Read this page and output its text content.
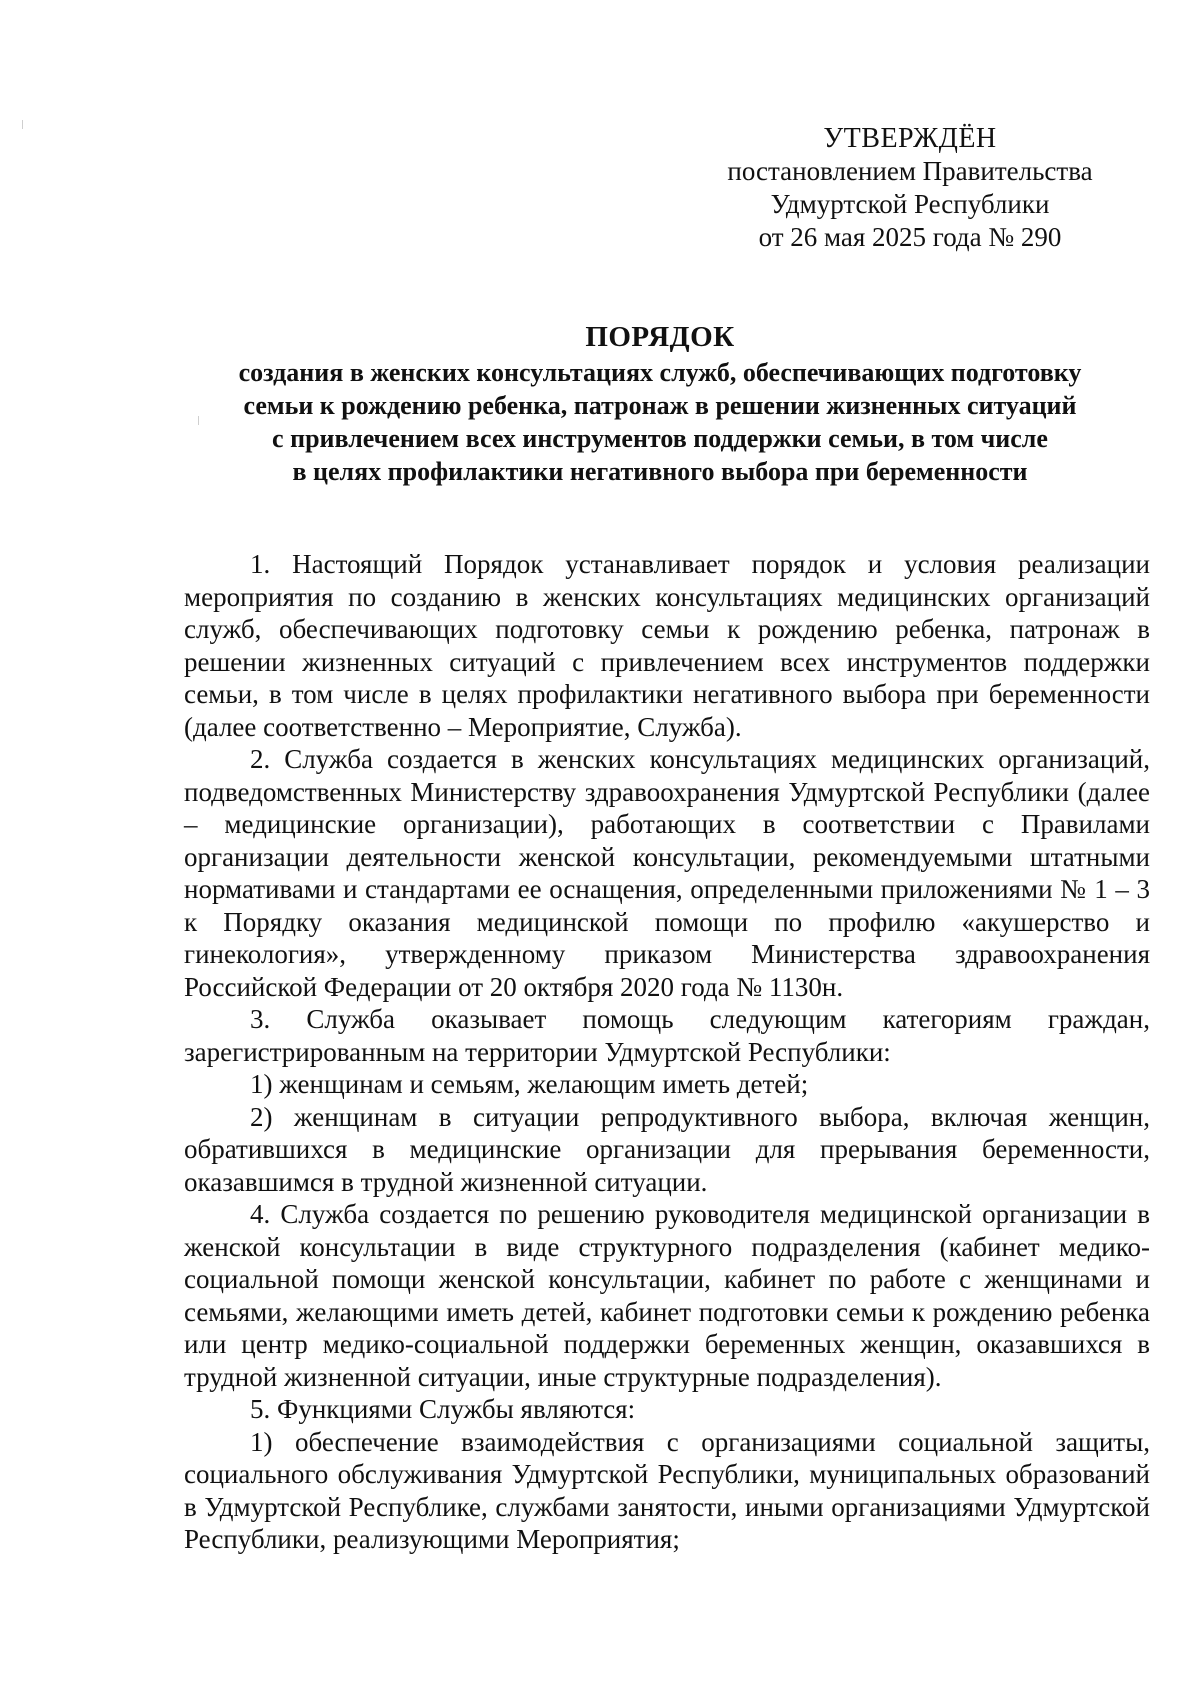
УТВЕРЖДЁН
постановлением Правительства
Удмуртской Республики
от 26 мая 2025 года № 290
ПОРЯДОК
создания в женских консультациях служб, обеспечивающих подготовку
семьи к рождению ребенка, патронаж в решении жизненных ситуаций
с привлечением всех инструментов поддержки семьи, в том числе
в целях профилактики негативного выбора при беременности

1. Настоящий Порядок устанавливает порядок и условия реализации мероприятия по созданию в женских консультациях медицинских организаций служб, обеспечивающих подготовку семьи к рождению ребенка, патронаж в решении жизненных ситуаций с привлечением всех инструментов поддержки семьи, в том числе в целях профилактики негативного выбора при беременности (далее соответственно – Мероприятие, Служба).

2. Служба создается в женских консультациях медицинских организаций, подведомственных Министерству здравоохранения Удмуртской Республики (далее – медицинские организации), работающих в соответствии с Правилами организации деятельности женской консультации, рекомендуемыми штатными нормативами и стандартами ее оснащения, определенными приложениями № 1 – 3 к Порядку оказания медицинской помощи по профилю «акушерство и гинекология», утвержденному приказом Министерства здравоохранения Российской Федерации от 20 октября 2020 года № 1130н.

3. Служба оказывает помощь следующим категориям граждан, зарегистрированным на территории Удмуртской Республики:

1) женщинам и семьям, желающим иметь детей;

2) женщинам в ситуации репродуктивного выбора, включая женщин, обратившихся в медицинские организации для прерывания беременности, оказавшимся в трудной жизненной ситуации.

4. Служба создается по решению руководителя медицинской организации в женской консультации в виде структурного подразделения (кабинет медико-социальной помощи женской консультации, кабинет по работе с женщинами и семьями, желающими иметь детей, кабинет подготовки семьи к рождению ребенка или центр медико-социальной поддержки беременных женщин, оказавшихся в трудной жизненной ситуации, иные структурные подразделения).

5. Функциями Службы являются:

1) обеспечение взаимодействия с организациями социальной защиты, социального обслуживания Удмуртской Республики, муниципальных образований в Удмуртской Республике, службами занятости, иными организациями Удмуртской Республики, реализующими Мероприятия;
